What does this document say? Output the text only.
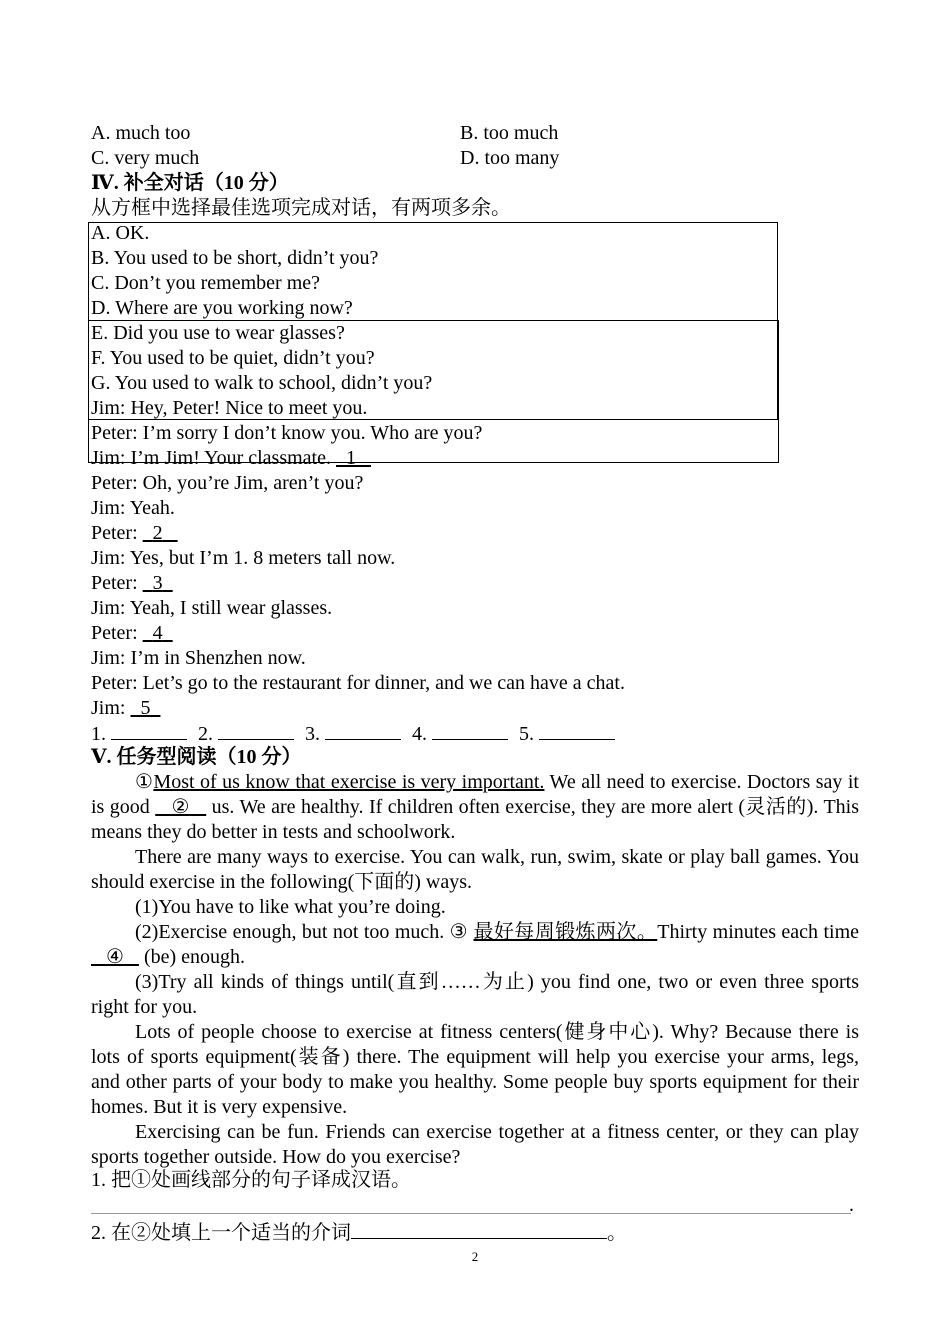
A. much too	B. too much
C. very much	D. too many
Ⅳ. 补全对话（10 分）
从方框中选择最佳选项完成对话，有两项多余。
A. OK.
B. You used to be short, didn’t you?
C. Don’t you remember me?
D. Where are you working now?
E. Did you use to wear glasses?
F. You used to be quiet, didn’t you?
G. You used to walk to school, didn’t you?
Jim: Hey, Peter! Nice to meet you.
Peter: I’m sorry I don’t know you. Who are you?
Jim: I’m Jim! Your classmate.   1
Peter: Oh, you’re Jim, aren’t you?
Jim: Yeah.
Peter:   2
Jim: Yes, but I’m 1. 8 meters tall now.
Peter:   3
Jim: Yeah, I still wear glasses.
Peter:   4
Jim: I’m in Shenzhen now.
Peter: Let’s go to the restaurant for dinner, and we can have a chat.
Jim:   5
1.	2.	3.	4.	5.
Ⅴ. 任务型阅读（10 分）

①Most of us know that exercise is very important. We all need to exercise. Doctors say it is good    ②    us. We are healthy. If children often exercise, they are more alert (灵活的). This means they do better in tests and schoolwork.

There are many ways to exercise. You can walk, run, swim, skate or play ball games. You should exercise in the following(下面的) ways.

(1)You have to like what you’re doing.

(2)Exercise enough, but not too much. ③ 最好每周锻炼两次。Thirty minutes each time    ④    (be) enough.

(3)Try all kinds of things until(直到……为止) you find one, two or even three sports right for you.

Lots of people choose to exercise at fitness centers(健身中心). Why? Because there is lots of sports equipment(装备) there. The equipment will help you exercise your arms, legs, and other parts of your body to make you healthy. Some people buy sports equipment for their homes. But it is very expensive.

Exercising can be fun. Friends can exercise together at a fitness center, or they can play sports together outside. How do you exercise?

1. 把①处画线部分的句子译成汉语。
.
2. 在②处填上一个适当的介词	。
2
